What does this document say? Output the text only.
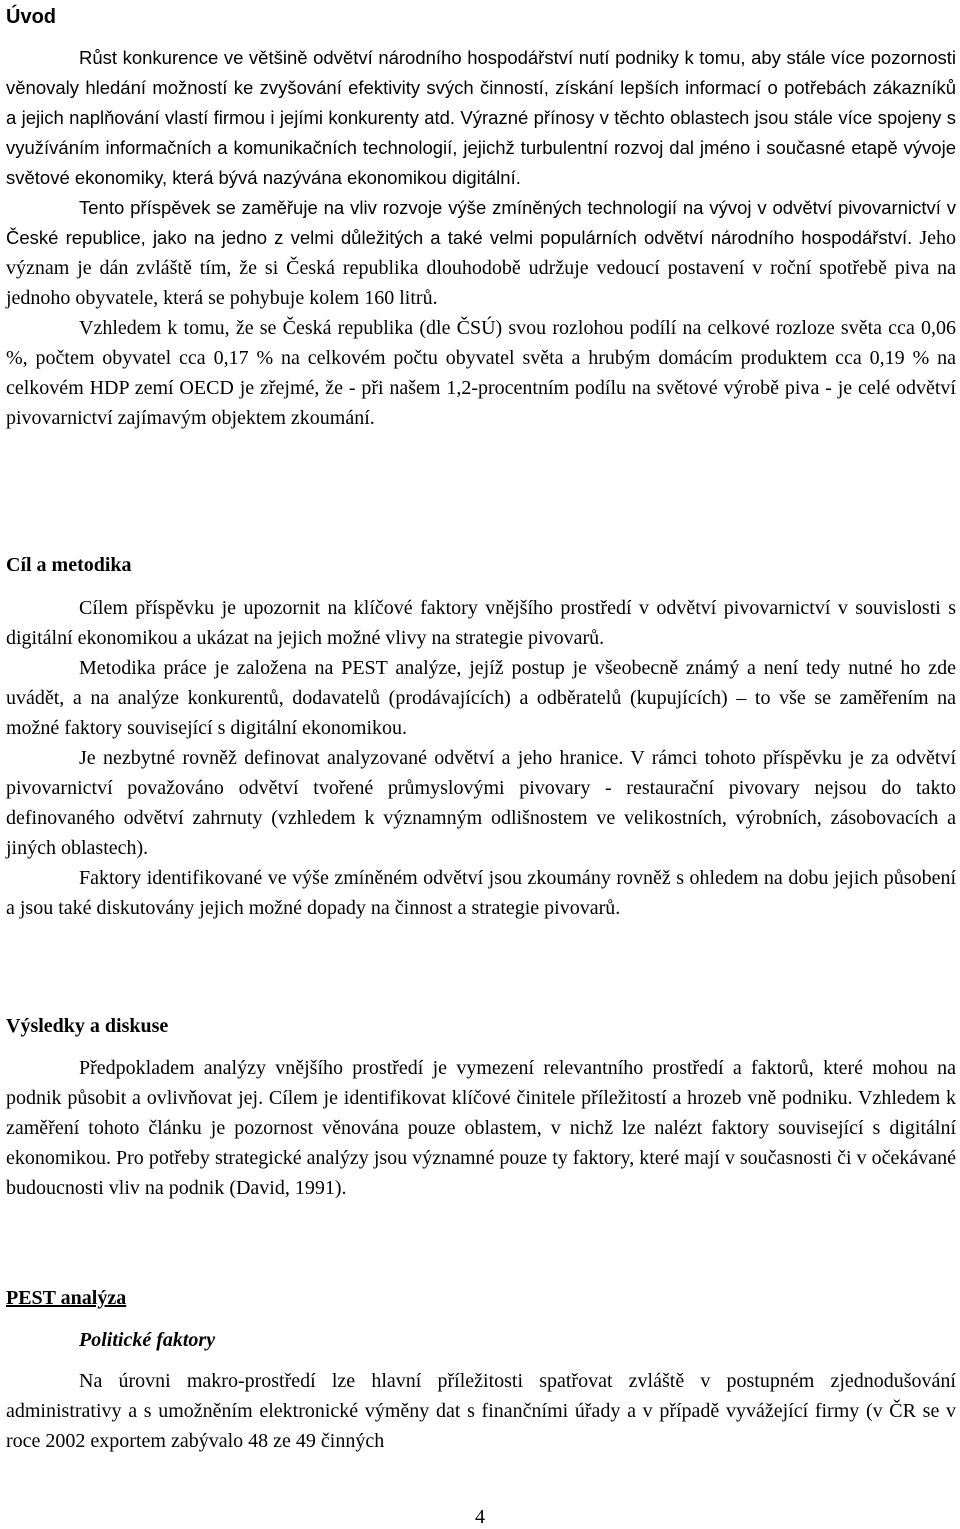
Úvod

Růst konkurence ve většině odvětví národního hospodářství nutí podniky k tomu, aby stále více pozornosti věnovaly hledání možností ke zvyšování efektivity svých činností, získání lepších informací o potřebách zákazníků a jejich naplňování vlastí firmou i jejími konkurenty atd. Výrazné přínosy v těchto oblastech jsou stále více spojeny s využíváním informačních a komunikačních technologií, jejichž turbulentní rozvoj dal jméno i současné etapě vývoje světové ekonomiky, která bývá nazývána ekonomikou digitální.

Tento příspěvek se zaměřuje na vliv rozvoje výše zmíněných technologií na vývoj v odvětví pivovarnictví v České republice, jako na jedno z velmi důležitých a také velmi populárních odvětví národního hospodářství. Jeho význam je dán zvláště tím, že si Česká republika dlouhodobě udržuje vedoucí postavení v roční spotřebě piva na jednoho obyvatele, která se pohybuje kolem 160 litrů.

Vzhledem k tomu, že se Česká republika (dle ČSÚ) svou rozlohou podílí na celkové rozloze světa cca 0,06 %, počtem obyvatel cca 0,17 % na celkovém počtu obyvatel světa a hrubým domácím produktem cca 0,19 % na celkovém HDP zemí OECD je zřejmé, že - při našem 1,2-procentním podílu na světové výrobě piva - je celé odvětví pivovarnictví zajímavým objektem zkoumání.

Cíl a metodika

Cílem příspěvku je upozornit na klíčové faktory vnějšího prostředí v odvětví pivovarnictví v souvislosti s digitální ekonomikou a ukázat na jejich možné vlivy na strategie pivovarů.

Metodika práce je založena na PEST analýze, jejíž postup je všeobecně známý a není tedy nutné ho zde uvádět, a na analýze konkurentů, dodavatelů (prodávajících) a odběratelů (kupujících) – to vše se zaměřením na možné faktory související s digitální ekonomikou.

Je nezbytné rovněž definovat analyzované odvětví a jeho hranice. V rámci tohoto příspěvku je za odvětví pivovarnictví považováno odvětví tvořené průmyslovými pivovary - restaurační pivovary nejsou do takto definovaného odvětví zahrnuty (vzhledem k významným odlišnostem ve velikostních, výrobních, zásobovacích a jiných oblastech).

Faktory identifikované ve výše zmíněném odvětví jsou zkoumány rovněž s ohledem na dobu jejich působení a jsou také diskutovány jejich možné dopady na činnost a strategie pivovarů.

Výsledky a diskuse

Předpokladem analýzy vnějšího prostředí je vymezení relevantního prostředí a faktorů, které mohou na podnik působit a ovlivňovat jej. Cílem je identifikovat klíčové činitele příležitostí a hrozeb vně podniku. Vzhledem k zaměření tohoto článku je pozornost věnována pouze oblastem, v nichž lze nalézt faktory související s digitální ekonomikou. Pro potřeby strategické analýzy jsou významné pouze ty faktory, které mají v současnosti či v očekávané budoucnosti vliv na podnik (David, 1991).

PEST analýza
Politické faktory

Na úrovni makro-prostředí lze hlavní příležitosti spatřovat zvláště v postupném zjednodušování administrativy a s umožněním elektronické výměny dat s finančními úřady a v případě vyvážející firmy (v ČR se v roce 2002 exportem zabývalo 48 ze 49 činných

4
